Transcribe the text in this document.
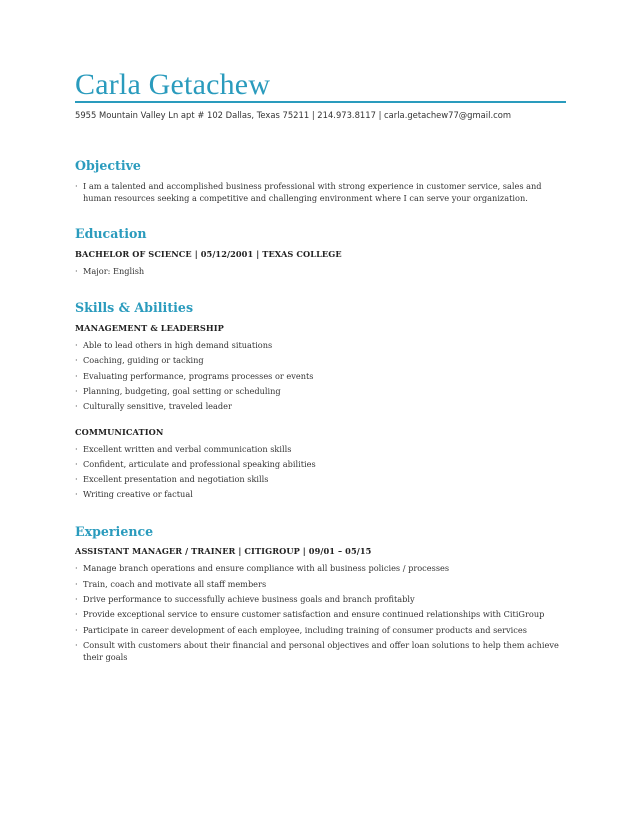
Carla Getachew
5955 Mountain Valley Ln apt # 102 Dallas, Texas 75211 | 214.973.8117 | carla.getachew77@gmail.com
Objective
· I am a talented and accomplished business professional with strong experience in customer service, sales and human resources seeking a competitive and challenging environment where I can serve your organization.
Education
BACHELOR OF SCIENCE | 05/12/2001 | TEXAS COLLEGE
· Major: English
Skills & Abilities
MANAGEMENT & LEADERSHIP
· Able to lead others in high demand situations
· Coaching, guiding or tacking
· Evaluating performance, programs processes or events
· Planning, budgeting, goal setting or scheduling
· Culturally sensitive, traveled leader
COMMUNICATION
· Excellent written and verbal communication skills
· Confident, articulate and professional speaking abilities
· Excellent presentation and negotiation skills
· Writing creative or factual
Experience
ASSISTANT MANAGER / TRAINER | CITIGROUP | 09/01 – 05/15
· Manage branch operations and ensure compliance with all business policies / processes
· Train, coach and motivate all staff members
· Drive performance to successfully achieve business goals and branch profitably
· Provide exceptional service to ensure customer satisfaction and ensure continued relationships with CitiGroup
· Participate in career development of each employee, including training of consumer products and services
· Consult with customers about their financial and personal objectives and offer loan solutions to help them achieve their goals
